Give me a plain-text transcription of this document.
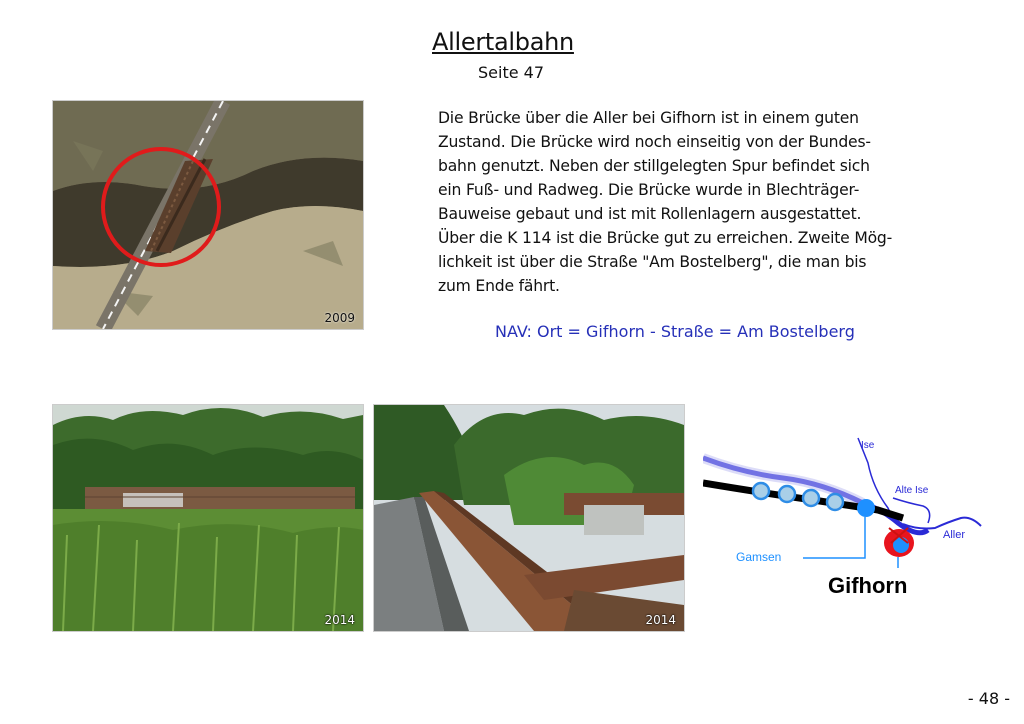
Allertalbahn
Seite 47
2009
Die Brücke über die Aller bei Gifhorn ist in einem guten
Zustand. Die Brücke wird noch einseitig von der Bundes-
bahn genutzt. Neben der stillgelegten Spur befindet sich
ein Fuß- und Radweg. Die Brücke wurde in Blechträger-
Bauweise gebaut und ist mit Rollenlagern ausgestattet.
Über die K 114 ist die Brücke gut zu erreichen. Zweite Mög-
lichkeit ist über die Straße "Am Bostelberg", die man bis
zum Ende fährt.
NAV: Ort = Gifhorn - Straße = Am Bostelberg
2014	2014
Ise
Alte Ise
Aller
Gamsen
Gifhorn
- 48 -
